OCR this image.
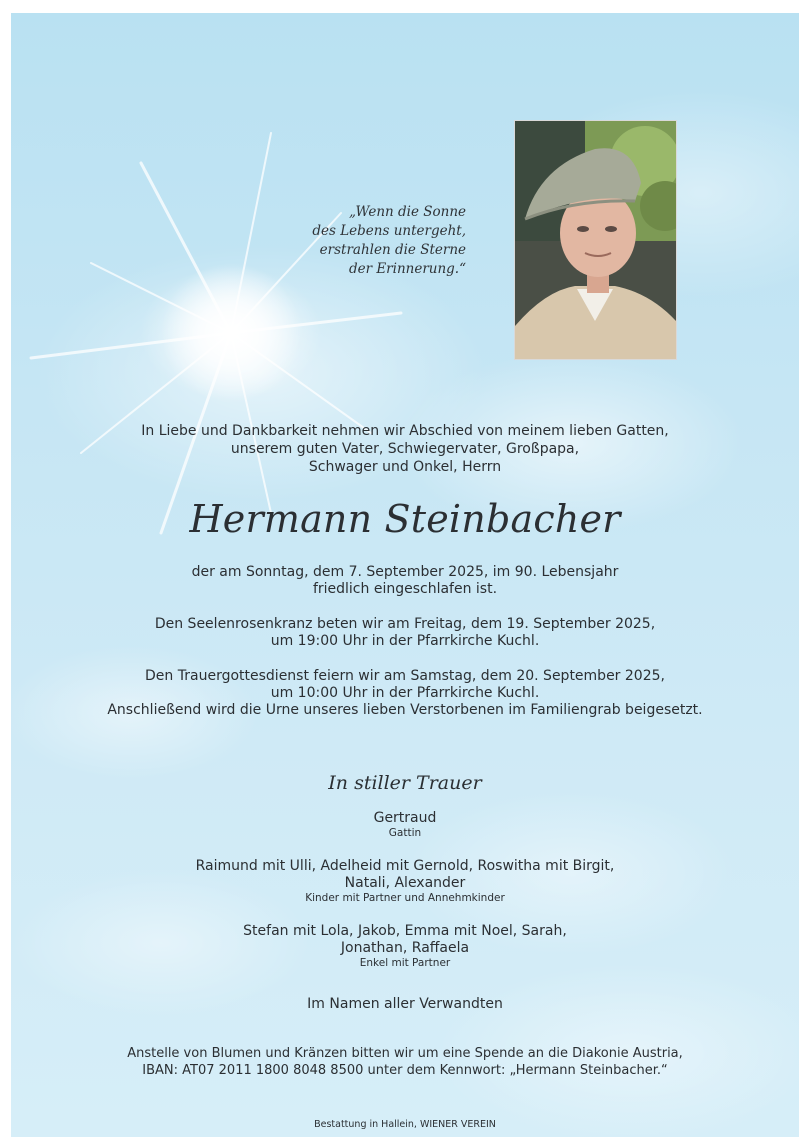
„Wenn die Sonne
des Lebens untergeht,
erstrahlen die Sterne
der Erinnerung.“
In Liebe und Dankbarkeit nehmen wir Abschied von meinem lieben Gatten,
unserem guten Vater, Schwiegervater, Großpapa,
Schwager und Onkel, Herrn
Hermann Steinbacher
der am Sonntag, dem 7. September 2025, im 90. Lebensjahr
friedlich eingeschlafen ist.
Den Seelenrosenkranz beten wir am Freitag, dem 19. September 2025,
um 19:00 Uhr in der Pfarrkirche Kuchl.
Den Trauergottesdienst feiern wir am Samstag, dem 20. September 2025,
um 10:00 Uhr in der Pfarrkirche Kuchl.
Anschließend wird die Urne unseres lieben Verstorbenen im Familiengrab beigesetzt.
In stiller Trauer
Gertraud
Gattin
Raimund mit Ulli, Adelheid mit Gernold, Roswitha mit Birgit,
Natali, Alexander
Kinder mit Partner und Annehmkinder
Stefan mit Lola, Jakob, Emma mit Noel, Sarah,
Jonathan, Raffaela
Enkel mit Partner
Im Namen aller Verwandten
Anstelle von Blumen und Kränzen bitten wir um eine Spende an die Diakonie Austria,
IBAN: AT07 2011 1800 8048 8500 unter dem Kennwort: „Hermann Steinbacher.“
Bestattung in Hallein, WIENER VEREIN
